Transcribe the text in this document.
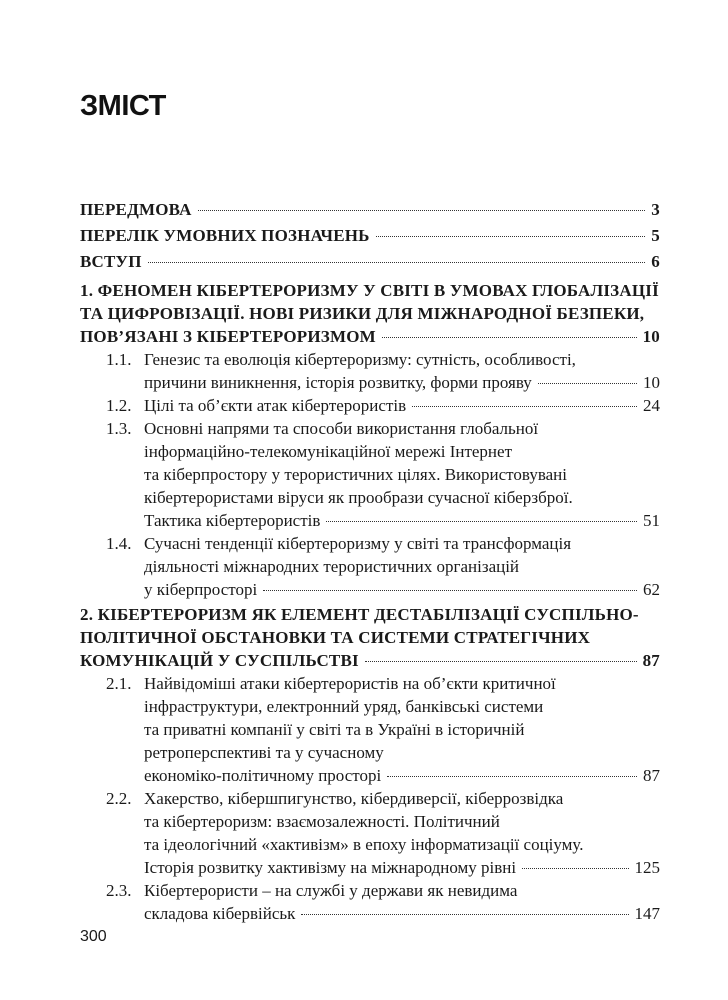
ЗМІСТ
ПЕРЕДМОВА	3
ПЕРЕЛІК УМОВНИХ ПОЗНАЧЕНЬ	5
ВСТУП	6
1. ФЕНОМЕН КІБЕРТЕРОРИЗМУ У СВІТІ В УМОВАХ ГЛОБАЛІЗАЦІЇ
ТА ЦИФРОВІЗАЦІЇ. НОВІ РИЗИКИ ДЛЯ МІЖНАРОДНОЇ БЕЗПЕКИ,
ПОВ’ЯЗАНІ З КІБЕРТЕРОРИЗМОМ	10
1.1. Генезис та еволюція кібертероризму: сутність, особливості,
причини виникнення, історія розвитку, форми прояву	10
1.2. Цілі та об’єкти атак кібертерористів	24
1.3. Основні напрями та способи використання глобальної
інформаційно-телекомунікаційної мережі Інтернет
та кіберпростору у терористичних цілях. Використовувані
кібертерористами віруси як прообрази сучасної кіберзброї.
Тактика кібертерористів	51
1.4. Сучасні тенденції кібертероризму у світі та трансформація
діяльності міжнародних терористичних організацій
у кіберпросторі	62
2. КІБЕРТЕРОРИЗМ ЯК ЕЛЕМЕНТ ДЕСТАБІЛІЗАЦІЇ СУСПІЛЬНО-
ПОЛІТИЧНОЇ ОБСТАНОВКИ ТА СИСТЕМИ СТРАТЕГІЧНИХ
КОМУНІКАЦІЙ У СУСПІЛЬСТВІ	87
2.1. Найвідоміші атаки кібертерористів на об’єкти критичної
інфраструктури, електронний уряд, банківські системи
та приватні компанії у світі та в Україні в історичній
ретроперспективі та у сучасному
економіко-політичному просторі	87
2.2. Хакерство, кібершпигунство, кібердиверсії, кіберрозвідка
та кібертероризм: взаємозалежності. Політичний
та ідеологічний «хактивізм» в епоху інформатизації соціуму.
Історія розвитку хактивізму на міжнародному рівні	125
2.3. Кібертерористи – на службі у держави як невидима
складова кібервійськ	147
300
